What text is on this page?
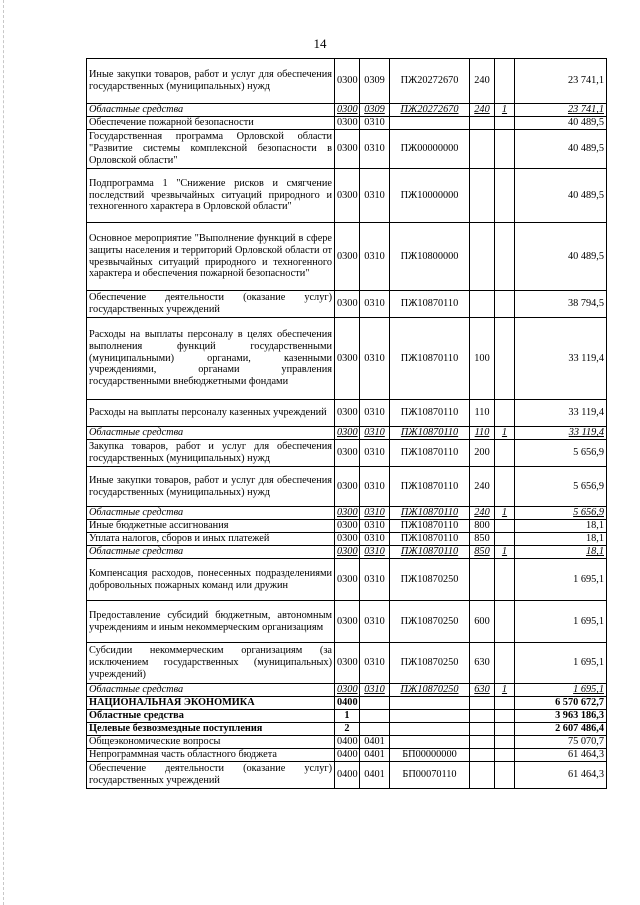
14
Иные закупки товаров, работ и услуг для обеспечения государственных (муниципальных) нужд	0300	0309	ПЖ20272670	240		23 741,1
Областные средства	0300	0309	ПЖ20272670	240	1	23 741,1
Обеспечение пожарной безопасности	0300	0310				40 489,5
Государственная программа Орловской области "Развитие системы комплексной безопасности в Орловской области"	0300	0310	ПЖ00000000			40 489,5
Подпрограмма 1 "Снижение рисков и смягчение последствий чрезвычайных ситуаций природного и техногенного характера в Орловской области"	0300	0310	ПЖ10000000			40 489,5
Основное мероприятие "Выполнение функций в сфере защиты населения и территорий Орловской области от чрезвычайных ситуаций природного и техногенного характера и обеспечения пожарной безопасности"	0300	0310	ПЖ10800000			40 489,5
Обеспечение деятельности (оказание услуг) государственных учреждений	0300	0310	ПЖ10870110			38 794,5
Расходы на выплаты персоналу в целях обеспечения выполнения функций государственными (муниципальными) органами, казенными учреждениями, органами управления государственными внебюджетными фондами	0300	0310	ПЖ10870110	100		33 119,4
Расходы на выплаты персоналу казенных учреждений	0300	0310	ПЖ10870110	110		33 119,4
Областные средства	0300	0310	ПЖ10870110	110	1	33 119,4
Закупка товаров, работ и услуг для обеспечения государственных (муниципальных) нужд	0300	0310	ПЖ10870110	200		5 656,9
Иные закупки товаров, работ и услуг для обеспечения государственных (муниципальных) нужд	0300	0310	ПЖ10870110	240		5 656,9
Областные средства	0300	0310	ПЖ10870110	240	1	5 656,9
Иные бюджетные ассигнования	0300	0310	ПЖ10870110	800		18,1
Уплата налогов, сборов и иных платежей	0300	0310	ПЖ10870110	850		18,1
Областные средства	0300	0310	ПЖ10870110	850	1	18,1
Компенсация расходов, понесенных подразделениями добровольных пожарных команд или дружин	0300	0310	ПЖ10870250			1 695,1
Предоставление субсидий бюджетным, автономным учреждениям и иным некоммерческим организациям	0300	0310	ПЖ10870250	600		1 695,1
Субсидии некоммерческим организациям (за исключением государственных (муниципальных) учреждений)	0300	0310	ПЖ10870250	630		1 695,1
Областные средства	0300	0310	ПЖ10870250	630	1	1 695,1
НАЦИОНАЛЬНАЯ ЭКОНОМИКА	0400					6 570 672,7
Областные средства	1					3 963 186,3
Целевые безвозмездные поступления	2					2 607 486,4
Общеэкономические вопросы	0400	0401				75 070,7
Непрограммная часть областного бюджета	0400	0401	БП00000000			61 464,3
Обеспечение деятельности (оказание услуг) государственных учреждений	0400	0401	БП00070110			61 464,3
